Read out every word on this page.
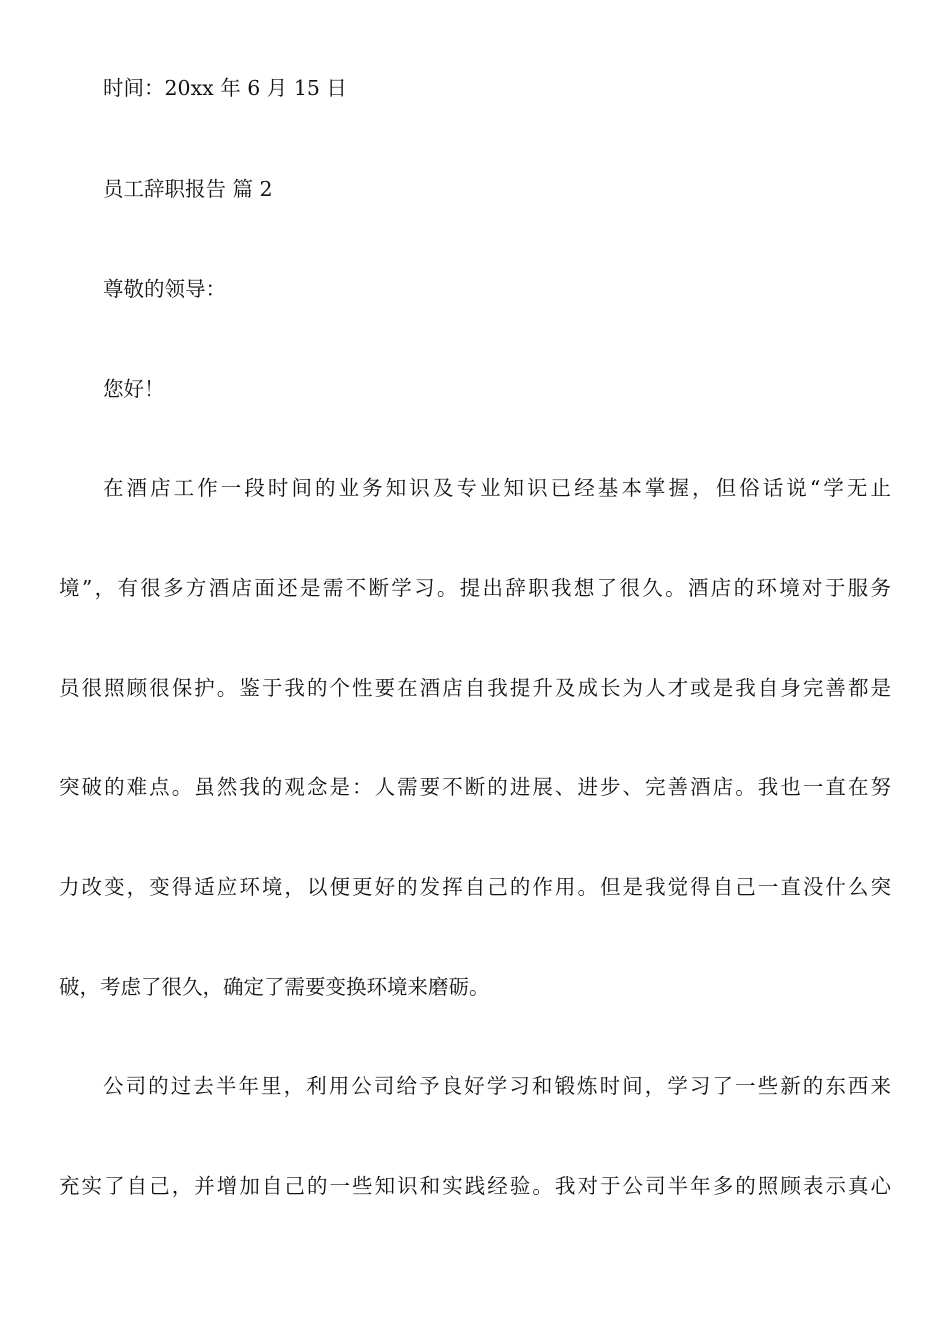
时间：20xx 年 6 月 15 日
员工辞职报告 篇 2
尊敬的领导：
您好！
在酒店工作一段时间的业务知识及专业知识已经基本掌握，但俗话说“学无止
境”，有很多方酒店面还是需不断学习。提出辞职我想了很久。酒店的环境对于服务
员很照顾很保护。鉴于我的个性要在酒店自我提升及成长为人才或是我自身完善都是
突破的难点。虽然我的观念是：人需要不断的进展、进步、完善酒店。我也一直在努
力改变，变得适应环境，以便更好的发挥自己的作用。但是我觉得自己一直没什么突
破，考虑了很久，确定了需要变换环境来磨砺。
公司的过去半年里，利用公司给予良好学习和锻炼时间，学习了一些新的东西来
充实了自己，并增加自己的一些知识和实践经验。我对于公司半年多的照顾表示真心
